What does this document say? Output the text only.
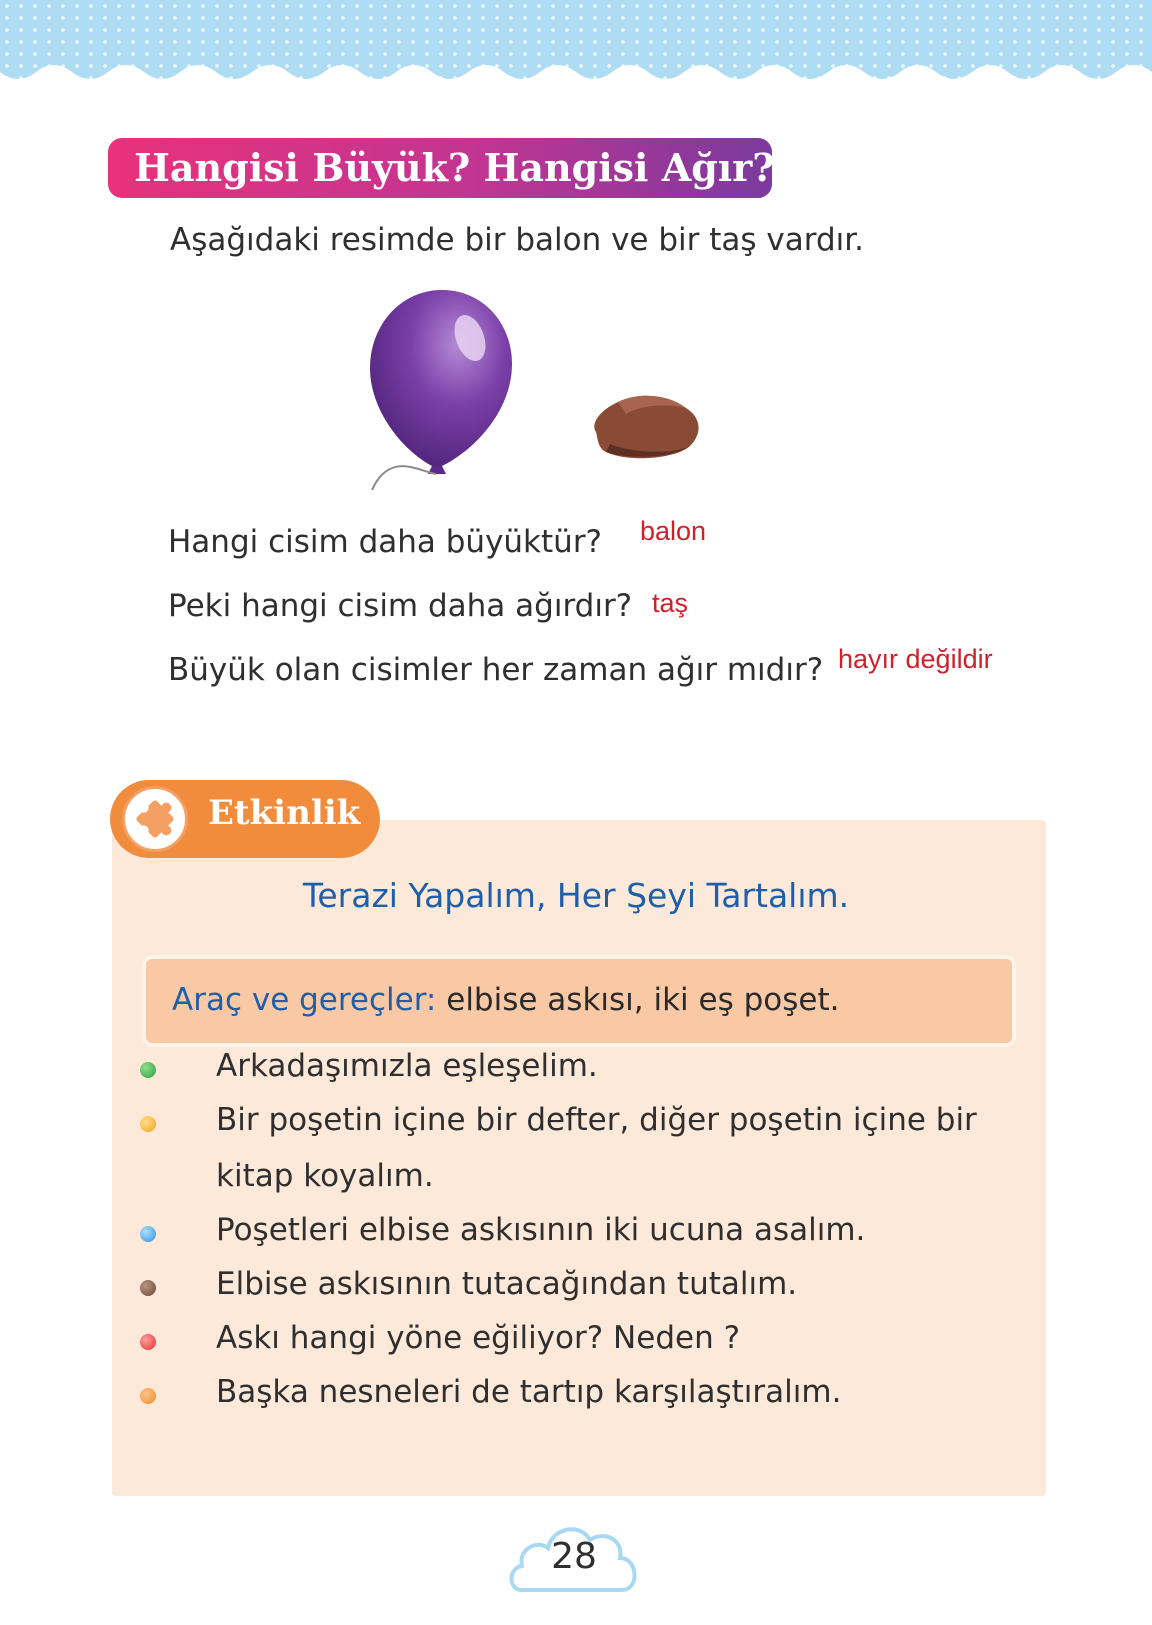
Hangisi Büyük? Hangisi Ağır?
Aşağıdaki resimde bir balon ve bir taş vardır.
Hangi cisim daha büyüktür? balon
Peki hangi cisim daha ağırdır? taş
Büyük olan cisimler her zaman ağır mıdır? hayır değildir
Etkinlik
Terazi Yapalım, Her Şeyi Tartalım.
Araç ve gereçler: elbise askısı, iki eş poşet.
Arkadaşımızla eşleşelim.
Bir poşetin içine bir defter, diğer poşetin içine bir
kitap koyalım.
Poşetleri elbise askısının iki ucuna asalım.
Elbise askısının tutacağından tutalım.
Askı hangi yöne eğiliyor? Neden ?
Başka nesneleri de tartıp karşılaştıralım.
28
